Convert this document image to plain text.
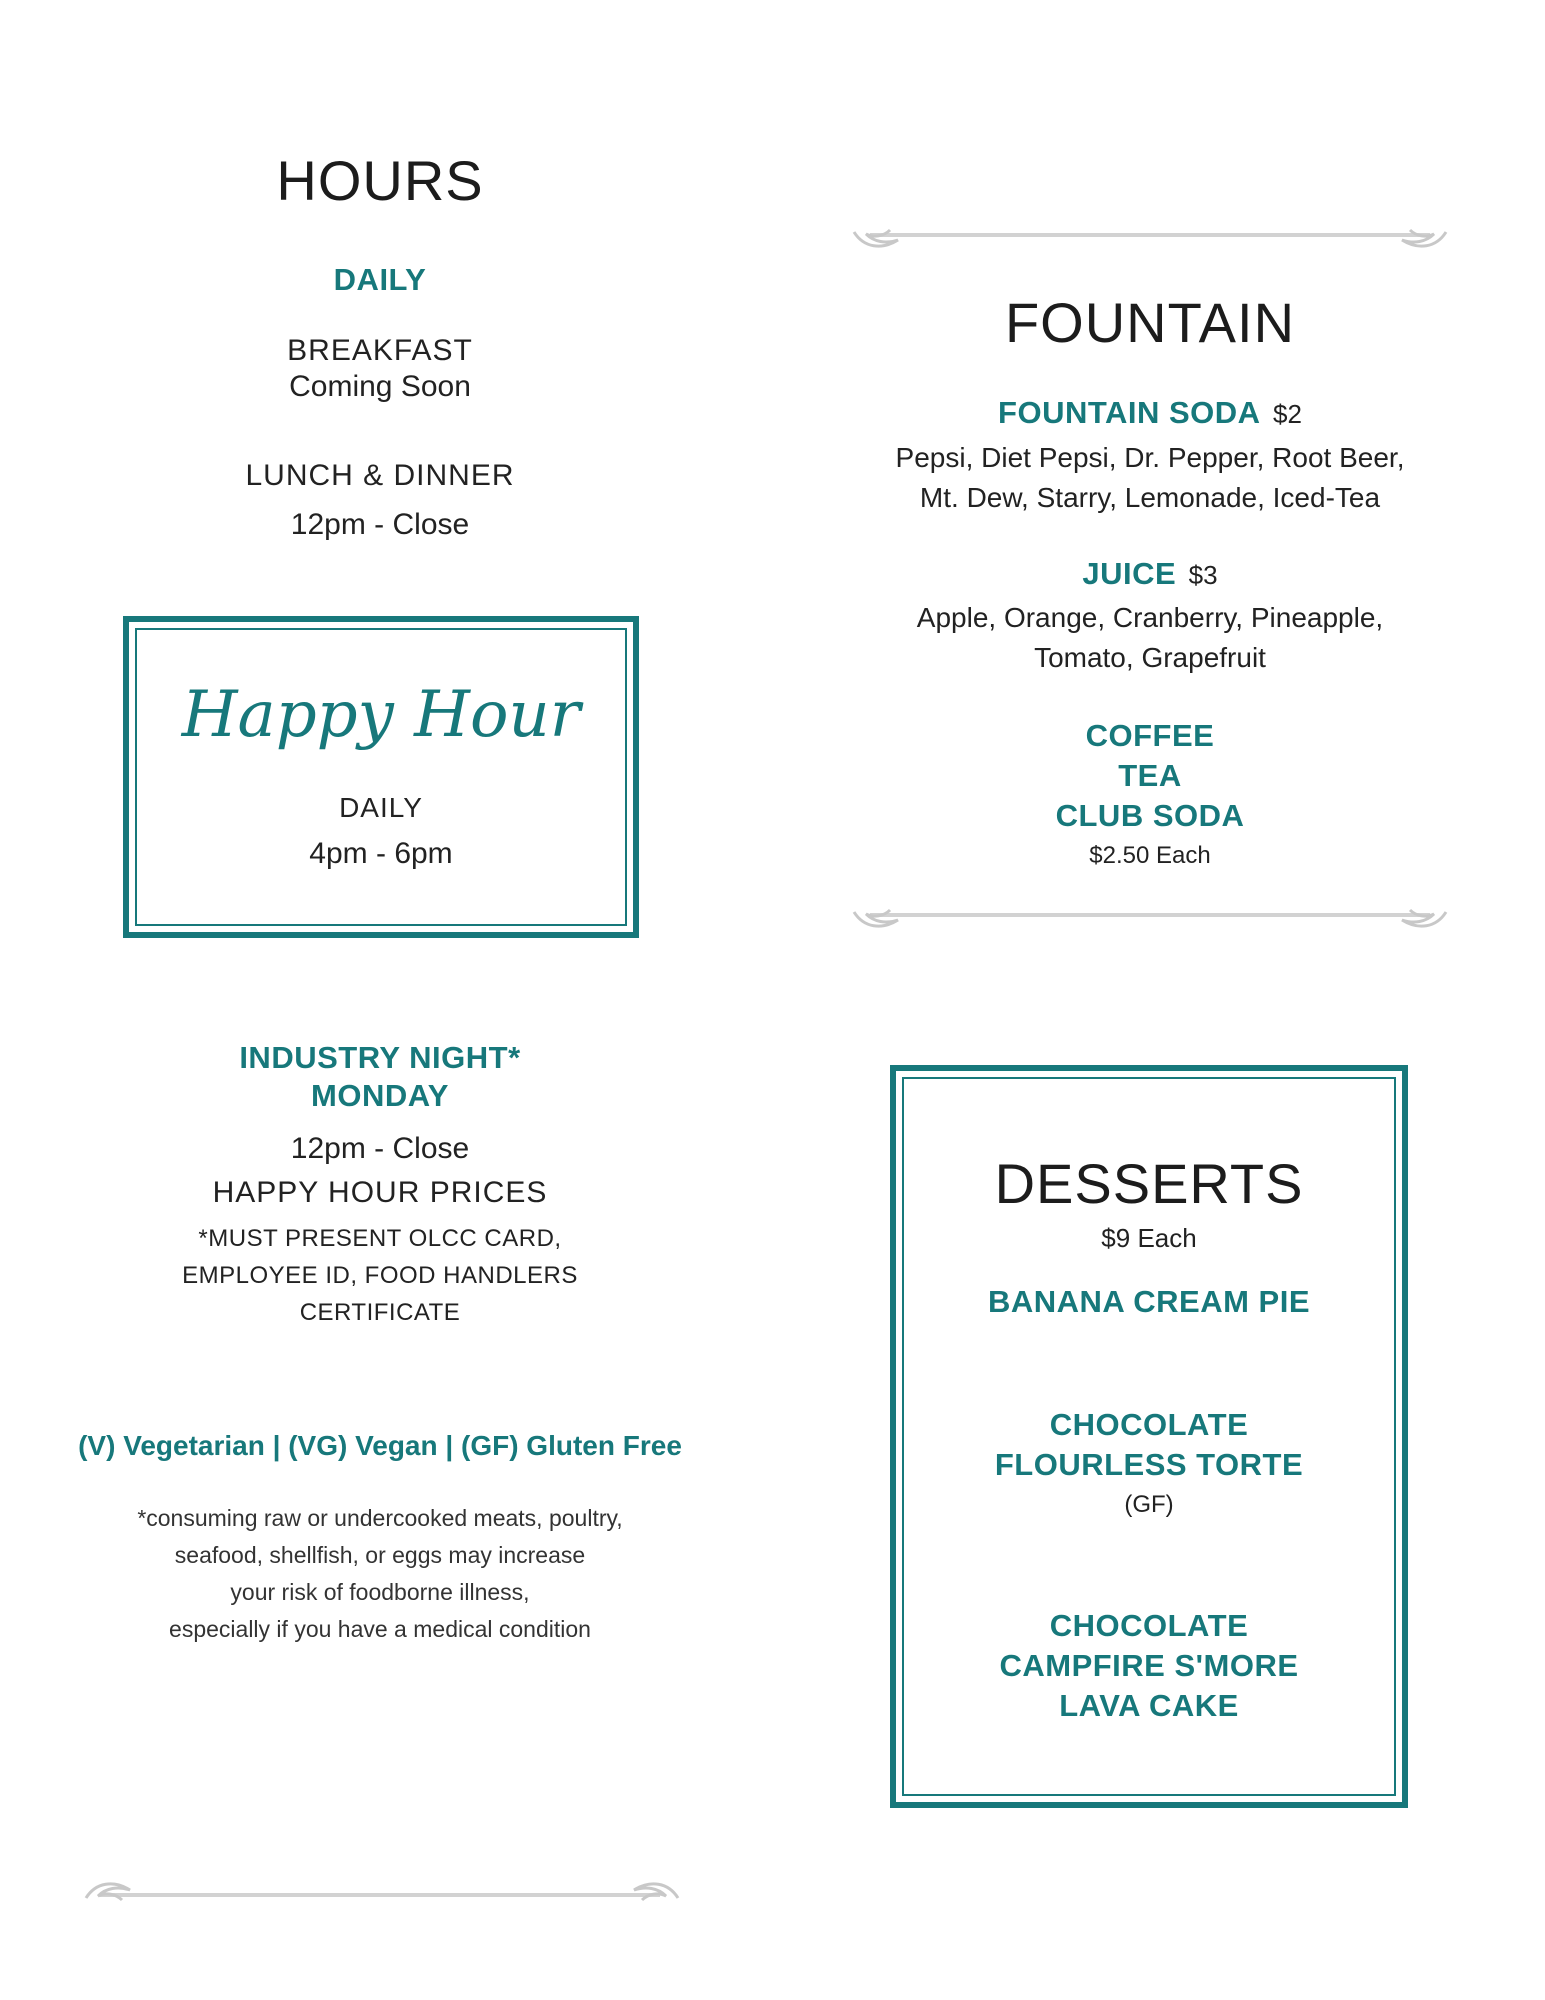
HOURS
DAILY
BREAKFAST
Coming Soon
LUNCH & DINNER
12pm - Close
Happy Hour
DAILY
4pm - 6pm
INDUSTRY NIGHT*
MONDAY
12pm - Close
HAPPY HOUR PRICES
*MUST PRESENT OLCC CARD,
EMPLOYEE ID, FOOD HANDLERS
CERTIFICATE
(V) Vegetarian | (VG) Vegan | (GF) Gluten Free
*consuming raw or undercooked meats, poultry,
seafood, shellfish, or eggs may increase
your risk of foodborne illness,
especially if you have a medical condition
FOUNTAIN
FOUNTAIN SODA $2
Pepsi, Diet Pepsi, Dr. Pepper, Root Beer,
Mt. Dew, Starry, Lemonade, Iced-Tea
JUICE $3
Apple, Orange, Cranberry, Pineapple,
Tomato, Grapefruit
COFFEE
TEA
CLUB SODA
$2.50 Each
DESSERTS
$9 Each
BANANA CREAM PIE
CHOCOLATE
FLOURLESS TORTE
(GF)
CHOCOLATE
CAMPFIRE S'MORE
LAVA CAKE
